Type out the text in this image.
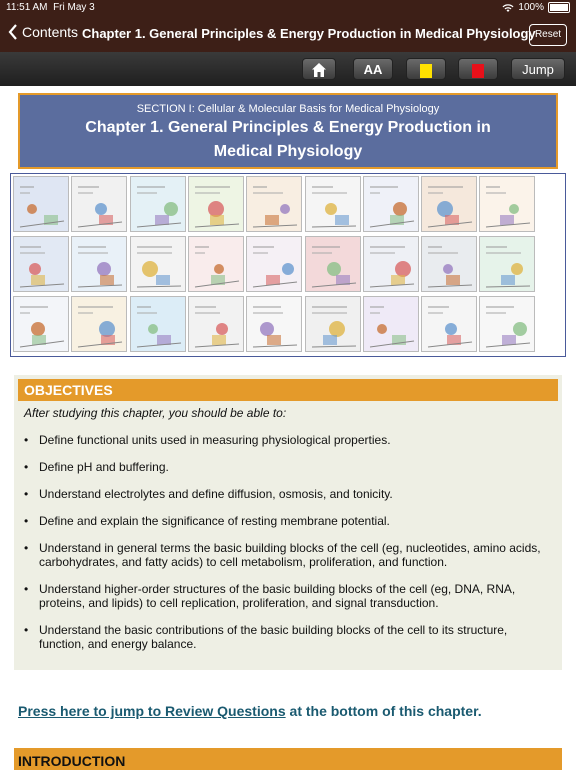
11:51 AM Fri May 3	100%
Contents Chapter 1. General Principles & Energy Production in Medical Physiology Reset
AA	Jump
SECTION I: Cellular & Molecular Basis for Medical Physiology
Chapter 1. General Principles & Energy Production in
Medical Physiology
OBJECTIVES
After studying this chapter, you should be able to:
• Define functional units used in measuring physiological properties.
• Define pH and buffering.
• Understand electrolytes and define diffusion, osmosis, and tonicity.
• Define and explain the significance of resting membrane potential.
• Understand in general terms the basic building blocks of the cell (eg, nucleotides, amino acids, carbohydrates, and fatty acids) to cell metabolism, proliferation, and function.
• Understand higher-order structures of the basic building blocks of the cell (eg, DNA, RNA, proteins, and lipids) to cell replication, proliferation, and signal transduction.
• Understand the basic contributions of the basic building blocks of the cell to its structure, function, and energy balance.
Press here to jump to Review Questions at the bottom of this chapter.
INTRODUCTION
